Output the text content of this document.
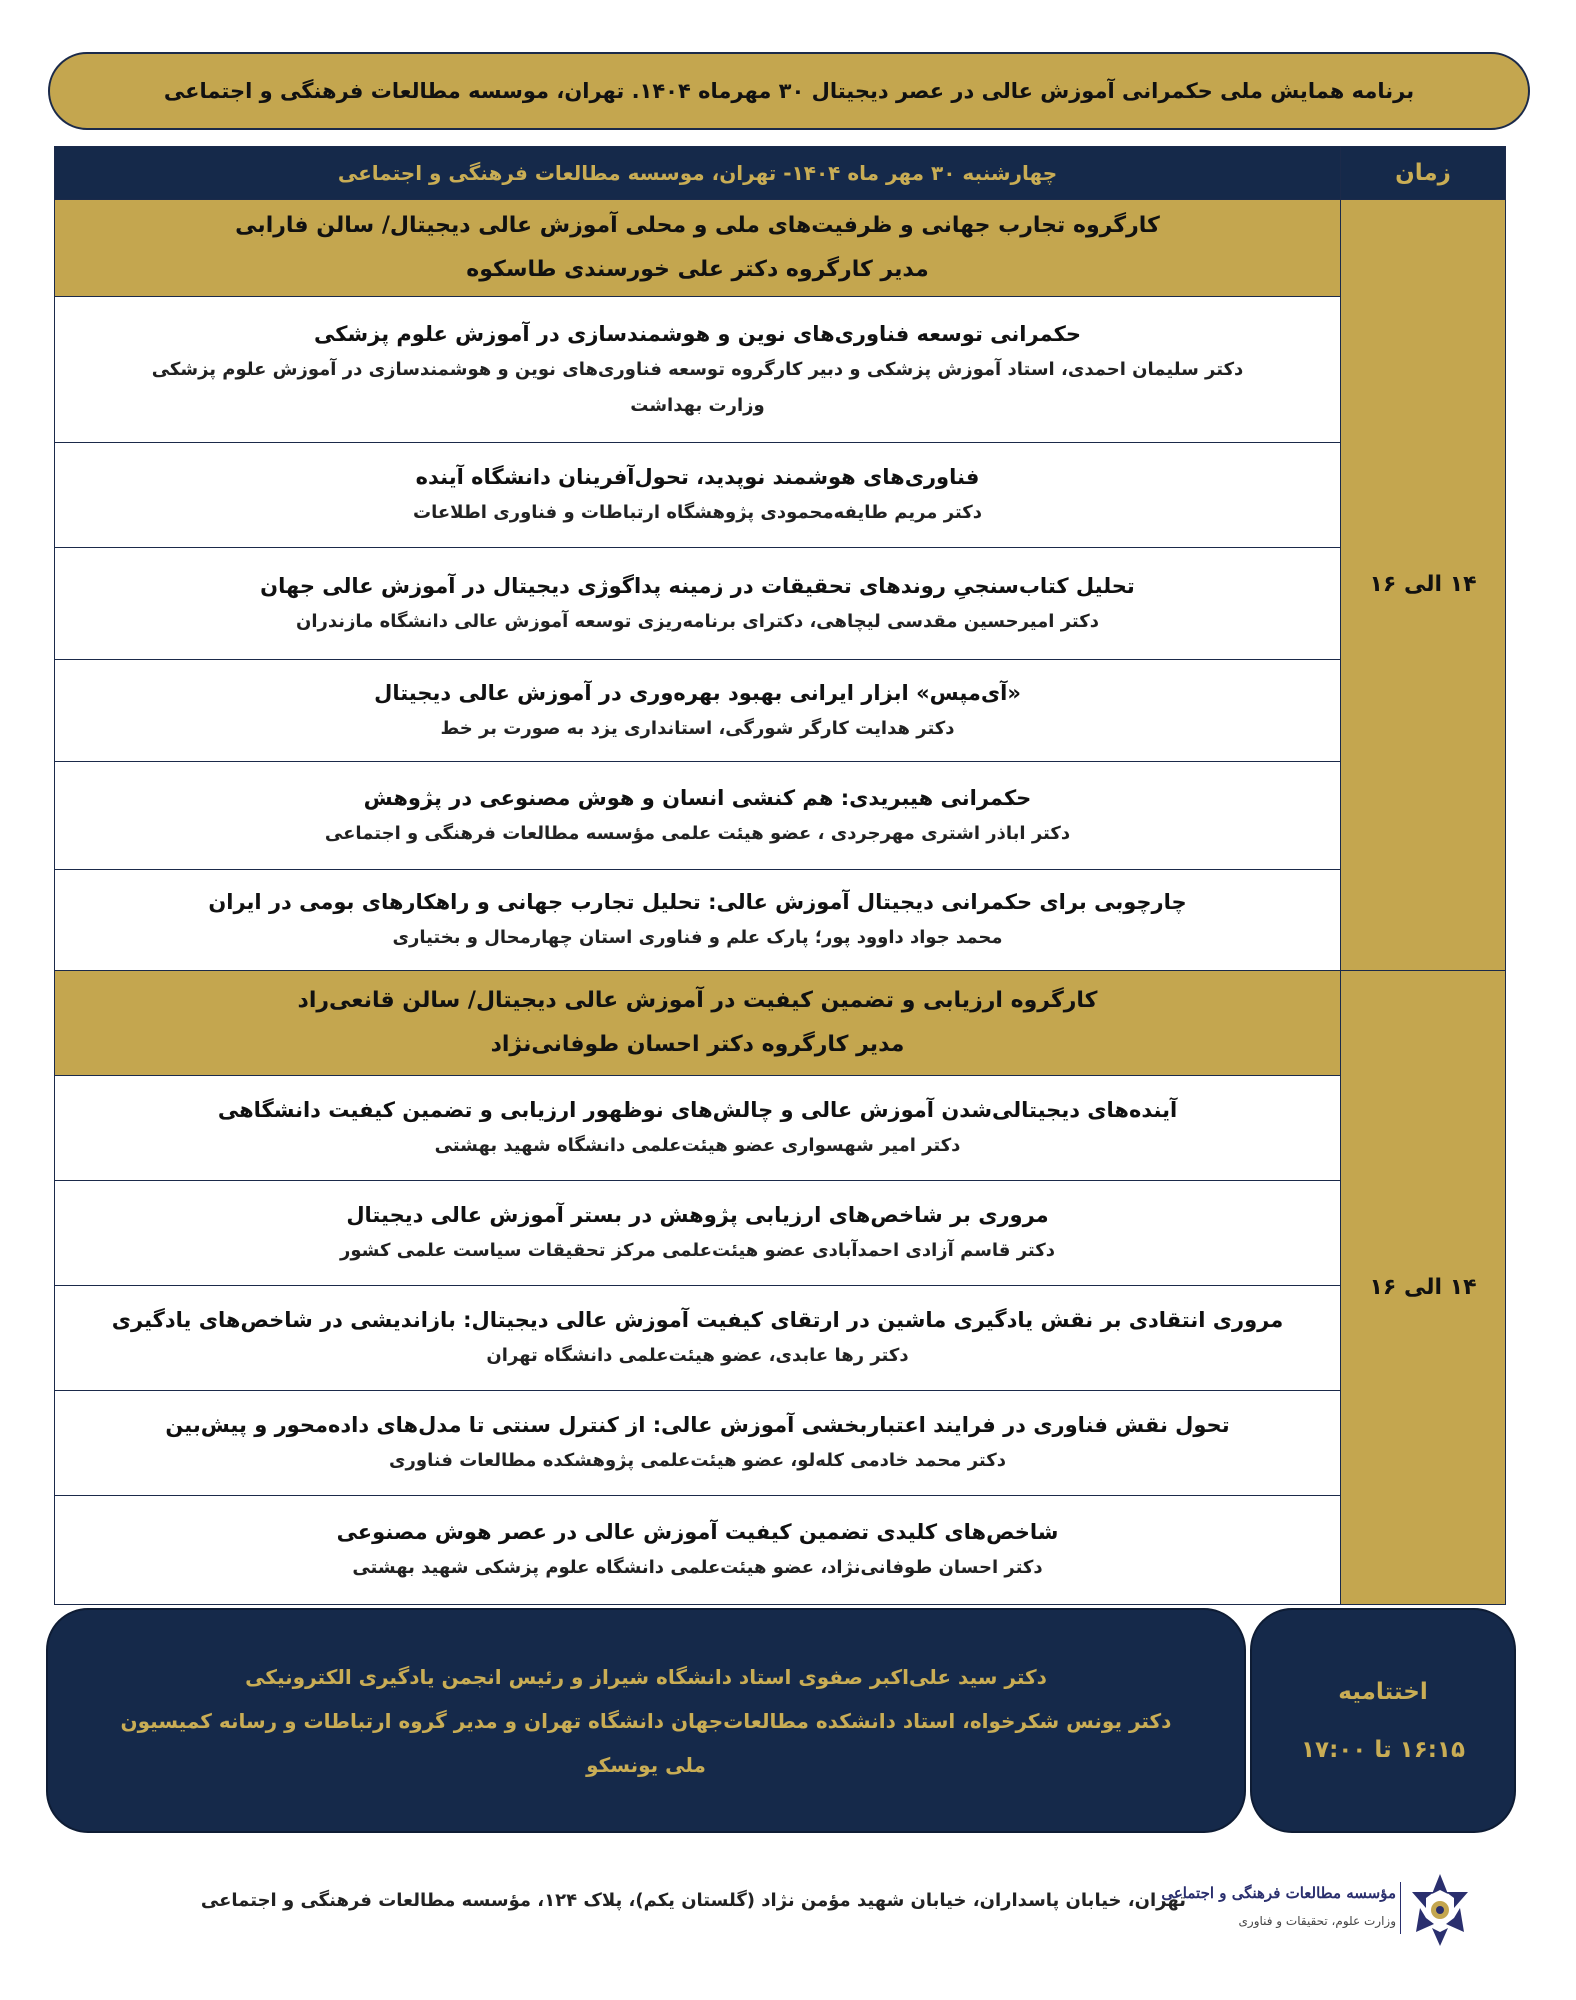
برنامه همایش ملی حکمرانی آموزش عالی در عصر دیجیتال ۳۰ مهرماه ۱۴۰۴. تهران، موسسه مطالعات فرهنگی و اجتماعی
زمان	چهارشنبه ۳۰ مهر ماه ۱۴۰۴- تهران، موسسه مطالعات فرهنگی و اجتماعی
۱۴ الی ۱۶	کارگروه تجارب جهانی و ظرفیت‌های ملی و محلی آموزش عالی دیجیتال/ سالن فارابی
مدیر کارگروه دکتر علی خورسندی طاسکوه

	حکمرانی توسعه فناوری‌های نوین و هوشمندسازی در آموزش علوم پزشکی
دکتر سلیمان احمدی، استاد آموزش پزشکی و دبیر کارگروه توسعه فناوری‌های نوین و هوشمندسازی در آموزش علوم پزشکی
وزارت بهداشت

	فناوری‌های هوشمند نوپدید، تحول‌آفرینان دانشگاه آینده
دکتر مریم طایفه‌محمودی پژوهشگاه ارتباطات و فناوری اطلاعات

	تحلیل کتاب‌سنجیِ روندهای تحقیقات در زمینه پداگوژی دیجیتال در آموزش عالی جهان
دکتر امیرحسین مقدسی لیچاهی، دکترای برنامه‌ریزی توسعه آموزش عالی دانشگاه مازندران

	«آی‌مپس» ابزار ایرانی بهبود بهره‌وری در آموزش عالی دیجیتال
دکتر هدایت کارگر شورگی، استانداری یزد به صورت بر خط

	حکمرانی هیبریدی: هم کنشی انسان و هوش مصنوعی در پژوهش
دکتر اباذر اشتری مهرجردی ، عضو هیئت علمی مؤسسه مطالعات فرهنگی و اجتماعی

	چارچوبی برای حکمرانی دیجیتال آموزش عالی: تحلیل تجارب جهانی و راهکارهای بومی در ایران
محمد جواد داوود پور؛ پارک علم و فناوری استان چهارمحال و بختیاری

۱۴ الی ۱۶	کارگروه ارزیابی و تضمین کیفیت در آموزش عالی دیجیتال/ سالن قانعی‌راد
مدیر کارگروه دکتر احسان طوفانی‌نژاد

	آینده‌های دیجیتالی‌شدن آموزش عالی و چالش‌های نوظهور ارزیابی و تضمین کیفیت دانشگاهی
دکتر امیر شهسواری عضو هیئت‌علمی دانشگاه شهید بهشتی

	مروری بر شاخص‌های ارزیابی پژوهش در بستر آموزش عالی دیجیتال
دکتر قاسم آزادی احمدآبادی عضو هیئت‌علمی مرکز تحقیقات سیاست علمی کشور

	مروری انتقادی بر نقش یادگیری ماشین در ارتقای کیفیت آموزش عالی دیجیتال: بازاندیشی در شاخص‌های یادگیری
دکتر رها عابدی، عضو هیئت‌علمی دانشگاه تهران

	تحول نقش فناوری در فرایند اعتباربخشی آموزش عالی: از کنترل سنتی تا مدل‌های داده‌محور و پیش‌بین
دکتر محمد خادمی کله‌لو، عضو هیئت‌علمی پژوهشکده مطالعات فناوری

	شاخص‌های کلیدی تضمین کیفیت آموزش عالی در عصر هوش مصنوعی
دکتر احسان طوفانی‌نژاد، عضو هیئت‌علمی دانشگاه علوم پزشکی شهید بهشتی
دکتر سید علی‌اکبر صفوی استاد دانشگاه شیراز و رئیس انجمن یادگیری الکترونیکی
دکتر یونس شکرخواه، استاد دانشکده مطالعات‌جهان دانشگاه تهران و مدیر گروه ارتباطات و رسانه کمیسیون
ملی یونسکو
اختتامیه
۱۶:۱۵ تا ۱۷:۰۰
تهران، خیابان پاسداران، خیابان شهید مؤمن نژاد (گلستان یکم)، پلاک ۱۲۴، مؤسسه مطالعات فرهنگی و اجتماعی
مؤسسه مطالعات فرهنگی و اجتماعی
وزارت علوم، تحقیقات و فناوری
